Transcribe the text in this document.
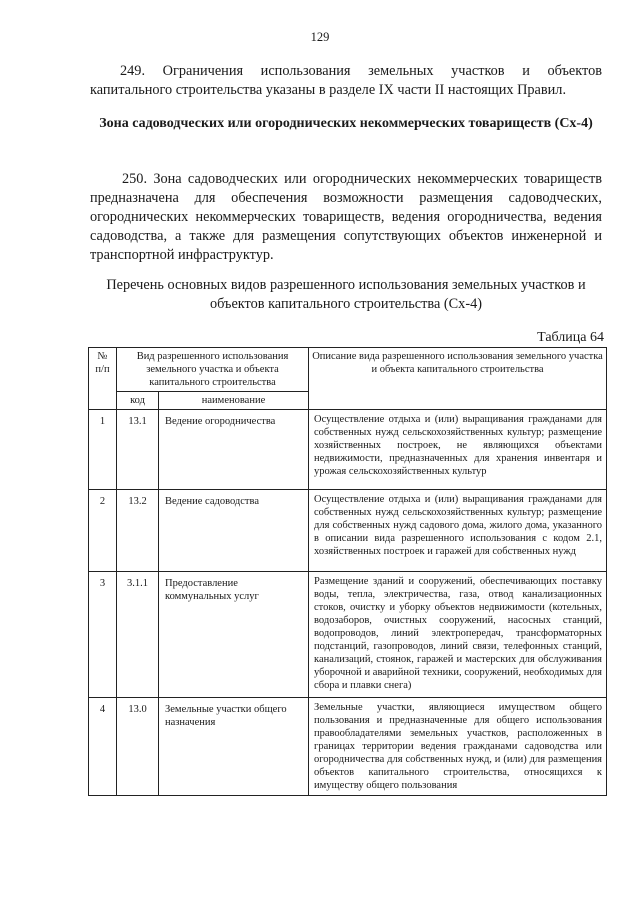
129
249. Ограничения использования земельных участков и объектов капитального строительства указаны в разделе IX части II настоящих Правил.
Зона садоводческих или огороднических некоммерческих товариществ (Сх-4)
250. Зона садоводческих или огороднических некоммерческих товариществ предназначена для обеспечения возможности размещения садоводческих, огороднических некоммерческих товариществ, ведения огородничества, ведения садоводства, а также для размещения сопутствующих объектов инженерной и транспортной инфраструктур.
Перечень основных видов разрешенного использования земельных участков и объектов капитального строительства (Сх-4)
Таблица 64
№ п/п	Вид разрешенного использования земельного участка и объекта капитального строительства		Описание вида разрешенного использования земельного участка и объекта капитального строительства
	код	наименование	
1	13.1	Ведение огородничества	Осуществление отдыха и (или) выращивания гражданами для собственных нужд сельскохозяйственных культур; размещение хозяйственных построек, не являющихся объектами недвижимости, предназначенных для хранения инвентаря и урожая сельскохозяйственных культур
2	13.2	Ведение садоводства	Осуществление отдыха и (или) выращивания гражданами для собственных нужд сельскохозяйственных культур; размещение для собственных нужд садового дома, жилого дома, указанного в описании вида разрешенного использования с кодом 2.1, хозяйственных построек и гаражей для собственных нужд
3	3.1.1	Предоставление коммунальных услуг	Размещение зданий и сооружений, обеспечивающих поставку воды, тепла, электричества, газа, отвод канализационных стоков, очистку и уборку объектов недвижимости (котельных, водозаборов, очистных сооружений, насосных станций, водопроводов, линий электропередач, трансформаторных подстанций, газопроводов, линий связи, телефонных станций, канализаций, стоянок, гаражей и мастерских для обслуживания уборочной и аварийной техники, сооружений, необходимых для сбора и плавки снега)
4	13.0	Земельные участки общего назначения	Земельные участки, являющиеся имуществом общего пользования и предназначенные для общего использования правообладателями земельных участков, расположенных в границах территории ведения гражданами садоводства или огородничества для собственных нужд, и (или) для размещения объектов капитального строительства, относящихся к имуществу общего пользования
